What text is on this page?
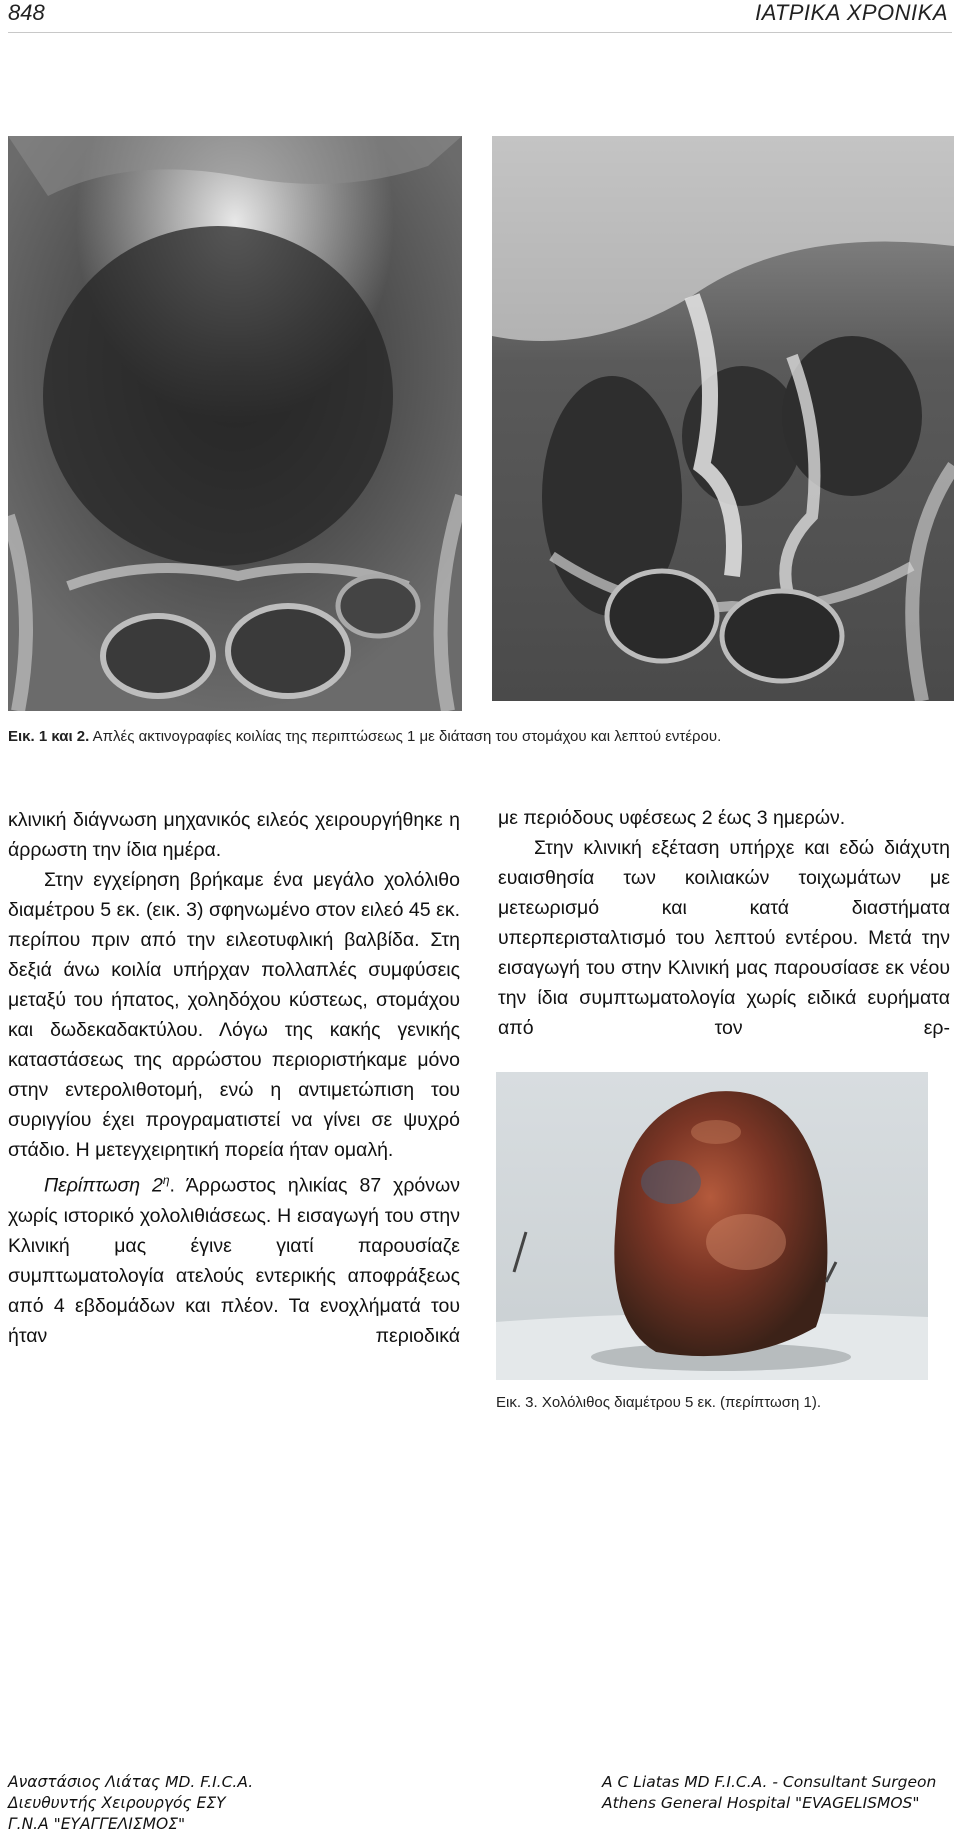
848	ΙΑΤΡΙΚΑ ΧΡΟΝΙΚΑ
Εικ. 1 και 2. Απλές ακτινογραφίες κοιλίας της περιπτώσεως 1 με διάταση του στομάχου και λεπτού εντέρου.

κλινική διάγνωση μηχανικός ειλεός χειρουργήθηκε η άρρωστη την ίδια ημέρα.

Στην εγχείρηση βρήκαμε ένα μεγάλο χολόλιθο διαμέτρου 5 εκ. (εικ. 3) σφηνωμένο στον ειλεό 45 εκ. περίπου πριν από την ειλεοτυφλική βαλβίδα. Στη δεξιά άνω κοιλία υπήρχαν πολλαπλές συμφύσεις μεταξύ του ήπατος, χοληδόχου κύστεως, στομάχου και δωδεκαδακτύλου. Λόγω της κακής γενικής καταστάσεως της αρρώστου περιοριστήκαμε μόνο στην εντερολιθοτομή, ενώ η αντιμετώπιση του συριγγίου έχει προγραματιστεί να γίνει σε ψυχρό στάδιο. Η μετεγχειρητική πορεία ήταν ομαλή.

Περίπτωση $2^\eta$. Άρρωστος ηλικίας 87 χρόνων χωρίς ιστορικό χολολιθιάσεως. Η εισαγωγή του στην Κλινική μας έγινε γιατί παρουσίαζε συμπτωματολογία ατελούς εντερικής αποφράξεως από 4 εβδομάδων και πλέον. Τα ενοχλήματά του ήταν περιοδικά

με περιόδους υφέσεως 2 έως 3 ημερών.

Στην κλινική εξέταση υπήρχε και εδώ διάχυτη ευαισθησία των κοιλιακών τοιχωμάτων με μετεωρισμό και κατά διαστήματα υπερπερισταλτισμό του λεπτού εντέρου. Μετά την εισαγωγή του στην Κλινική μας παρουσίασε εκ νέου την ίδια συμπτωματολογία χωρίς ειδικά ευρήματα από τον ερ-

Εικ. 3. Χολόλιθος διαμέτρου 5 εκ. (περίπτωση 1).
Αναστάσιος Λιάτας MD. F.I.C.A.
Διευθυντής Χειρουργός ΕΣΥ
Γ.Ν.Α "ΕΥΑΓΓΕΛΙΣΜΟΣ"
A C Liatas MD F.I.C.A. - Consultant Surgeon
Athens General Hospital "EVAGELISMOS"
